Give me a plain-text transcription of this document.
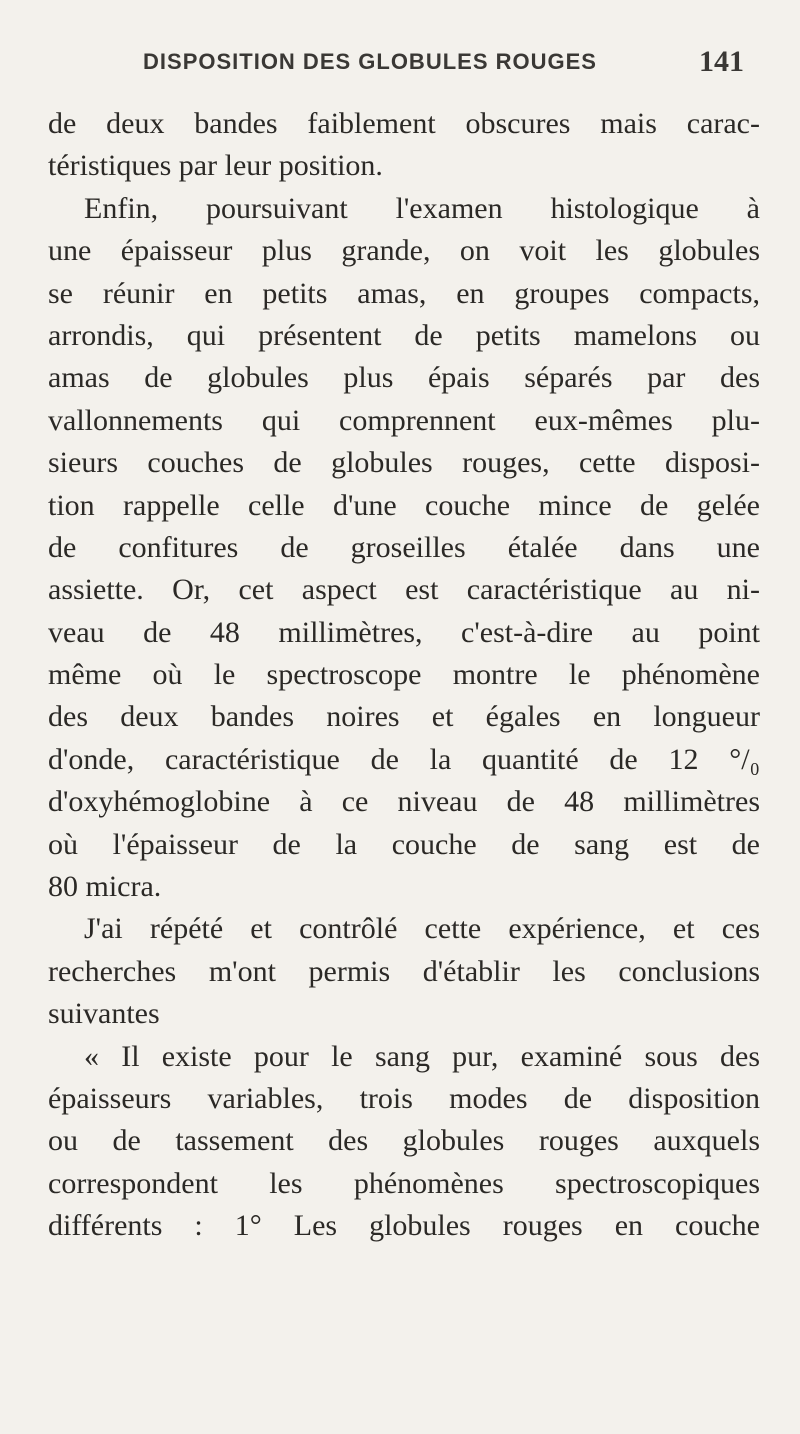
DISPOSITION DES GLOBULES ROUGES	141
de deux bandes faiblement obscures mais carac-
téristiques par leur position.
Enfin, poursuivant l'examen histologique à
une épaisseur plus grande, on voit les globules
se réunir en petits amas, en groupes compacts,
arrondis, qui présentent de petits mamelons ou
amas de globules plus épais séparés par des
vallonnements qui comprennent eux-mêmes plu-
sieurs couches de globules rouges, cette disposi-
tion rappelle celle d'une couche mince de gelée
de confitures de groseilles étalée dans une
assiette. Or, cet aspect est caractéristique au ni-
veau de 48 millimètres, c'est-à-dire au point
même où le spectroscope montre le phénomène
des deux bandes noires et égales en longueur
d'onde, caractéristique de la quantité de 12 °/₀
d'oxyhémoglobine à ce niveau de 48 millimètres
où l'épaisseur de la couche de sang est de
80 micra.
J'ai répété et contrôlé cette expérience, et ces
recherches m'ont permis d'établir les conclusions
suivantes
« Il existe pour le sang pur, examiné sous des
épaisseurs variables, trois modes de disposition
ou de tassement des globules rouges auxquels
correspondent les phénomènes spectroscopiques
différents : 1° Les globules rouges en couche
